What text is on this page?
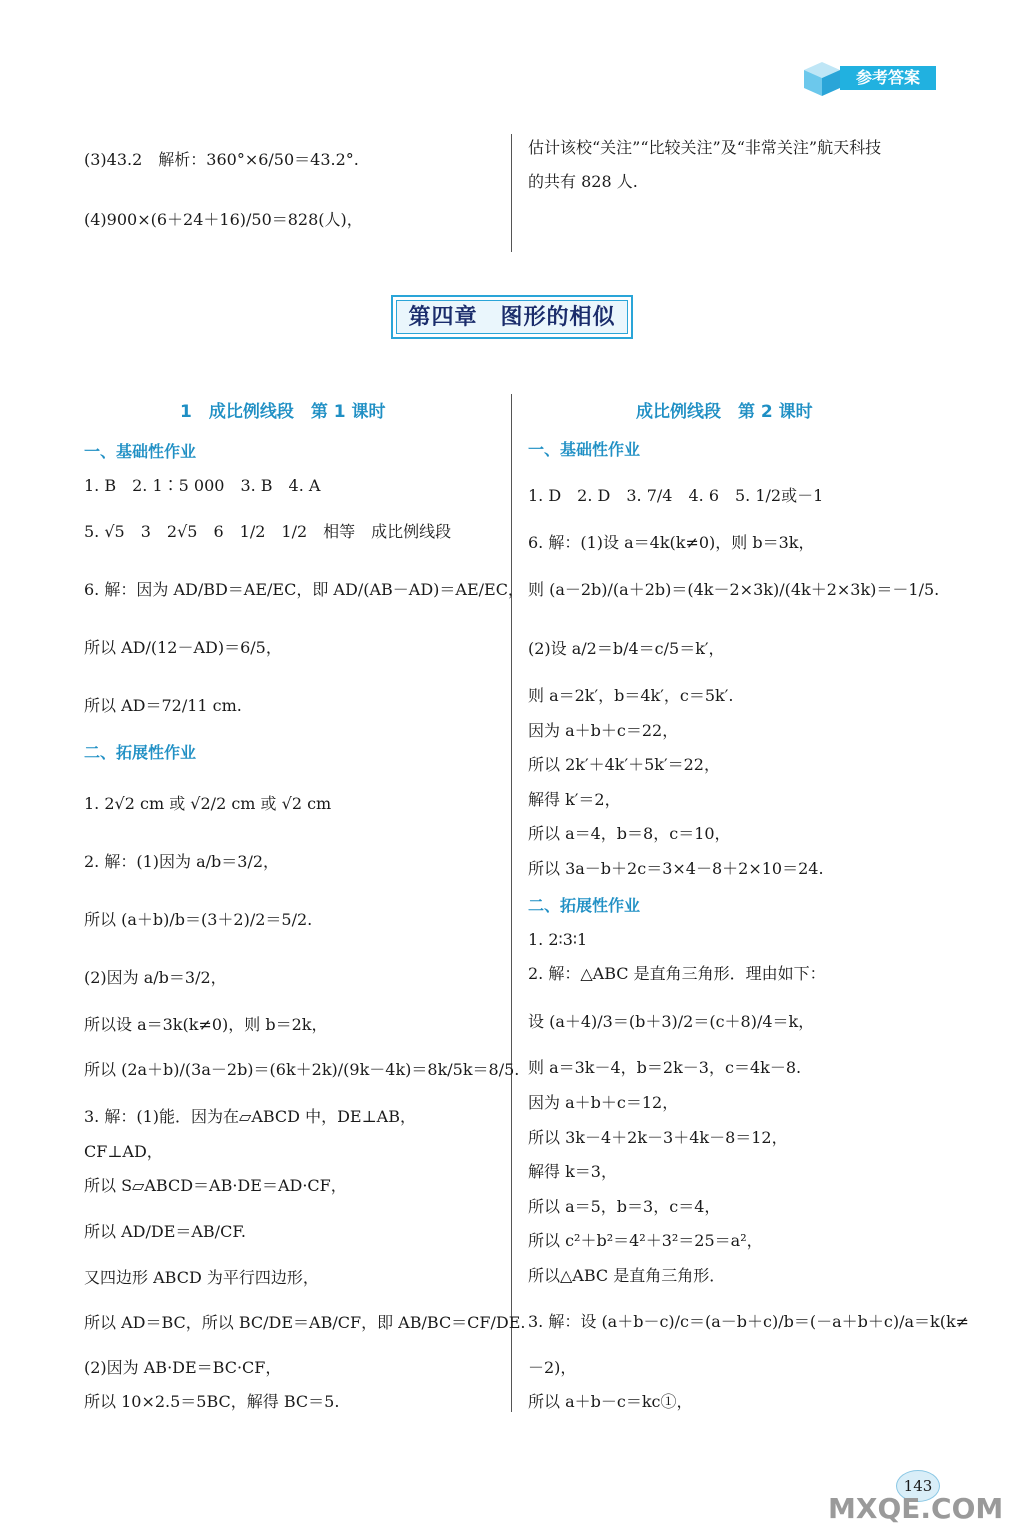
参考答案
(3)43.2　解析：360°×6/50＝43.2°.
(4)900×(6＋24＋16)/50＝828(人)，
估计该校“关注”“比较关注”及“非常关注”航天科技
的共有 828 人.
第四章　图形的相似
1　成比例线段　第 1 课时
一、基础性作业
1. B　2. 1∶5 000　3. B　4. A
5. √5　3　2√5　6　1/2　1/2　相等　成比例线段
6. 解：因为 AD/BD＝AE/EC，即 AD/(AB－AD)＝AE/EC，
所以 AD/(12－AD)＝6/5，
所以 AD＝72/11 cm.
二、拓展性作业
1. 2√2 cm 或 √2/2 cm 或 √2 cm
2. 解：(1)因为 a/b＝3/2，
所以 (a＋b)/b＝(3＋2)/2＝5/2.
(2)因为 a/b＝3/2，
所以设 a＝3k(k≠0)，则 b＝2k，
所以 (2a＋b)/(3a－2b)＝(6k＋2k)/(9k－4k)＝8k/5k＝8/5.
3. 解：(1)能．因为在▱ABCD 中，DE⊥AB，
CF⊥AD，
所以 S▱ABCD＝AB·DE＝AD·CF，
所以 AD/DE＝AB/CF.
又四边形 ABCD 为平行四边形，
所以 AD＝BC，所以 BC/DE＝AB/CF，即 AB/BC＝CF/DE.
(2)因为 AB·DE＝BC·CF，
所以 10×2.5＝5BC，解得 BC＝5.
成比例线段　第 2 课时
一、基础性作业
1. D　2. D　3. 7/4　4. 6　5. 1/2或－1
6. 解：(1)设 a＝4k(k≠0)，则 b＝3k，
则 (a－2b)/(a＋2b)＝(4k－2×3k)/(4k＋2×3k)＝－1/5.
(2)设 a/2＝b/4＝c/5＝k′，
则 a＝2k′，b＝4k′，c＝5k′.
因为 a＋b＋c＝22，
所以 2k′＋4k′＋5k′＝22，
解得 k′＝2，
所以 a＝4，b＝8，c＝10，
所以 3a－b＋2c＝3×4－8＋2×10＝24.
二、拓展性作业
1. 2∶3∶1
2. 解：△ABC 是直角三角形．理由如下：
设 (a＋4)/3＝(b＋3)/2＝(c＋8)/4＝k，
则 a＝3k－4，b＝2k－3，c＝4k－8.
因为 a＋b＋c＝12，
所以 3k－4＋2k－3＋4k－8＝12，
解得 k＝3，
所以 a＝5，b＝3，c＝4，
所以 c²＋b²＝4²＋3²＝25＝a²，
所以△ABC 是直角三角形．
3. 解：设 (a＋b－c)/c＝(a－b＋c)/b＝(－a＋b＋c)/a＝k(k≠
－2)，
所以 a＋b－c＝kc①，
143
MXQE.COM
